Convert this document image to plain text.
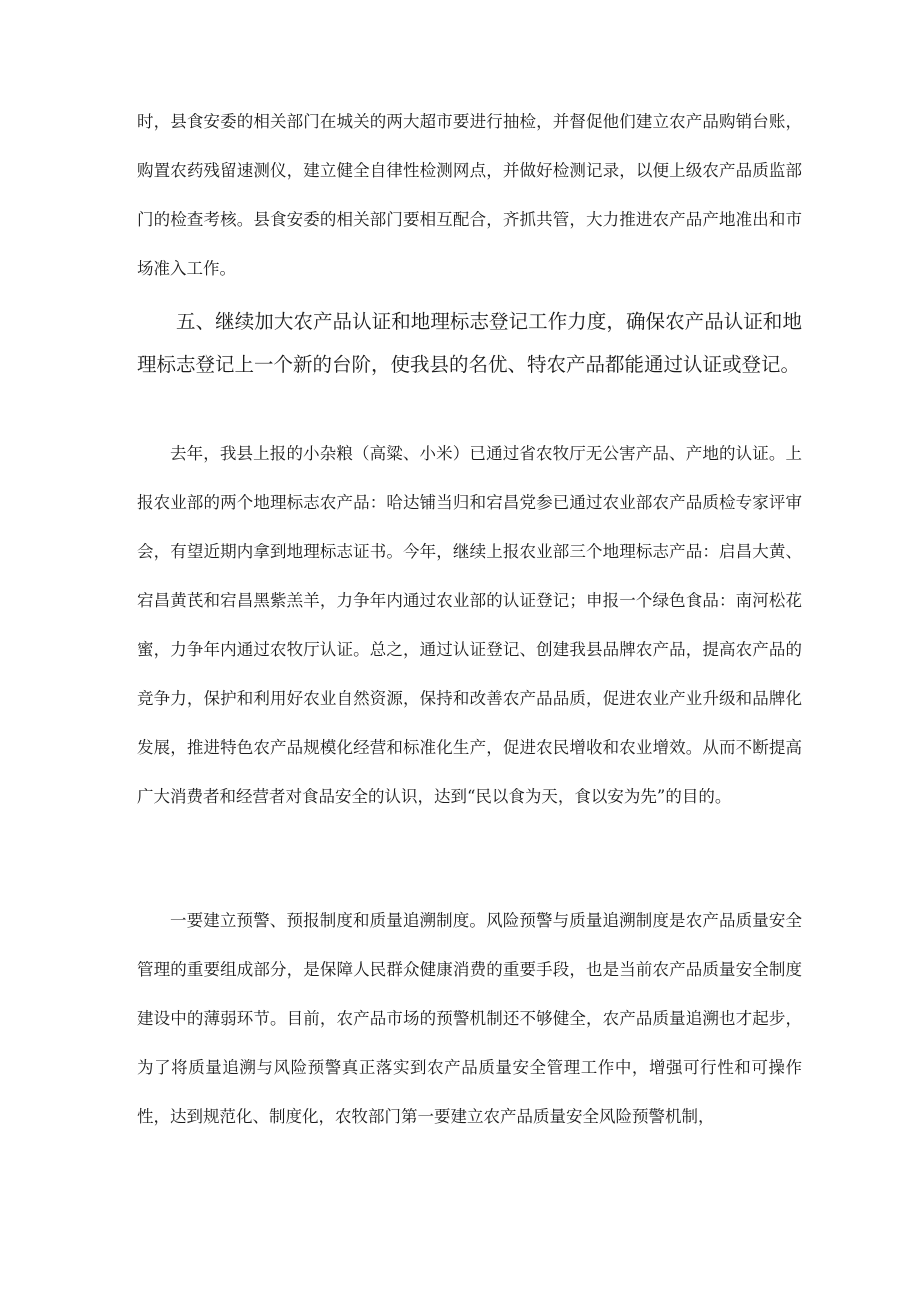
时，县食安委的相关部门在城关的两大超市要进行抽检，并督促他们建立农产品购销台账，购置农药残留速测仪，建立健全自律性检测网点，并做好检测记录，以便上级农产品质监部门的检查考核。县食安委的相关部门要相互配合，齐抓共管，大力推进农产品产地准出和市场准入工作。

五、继续加大农产品认证和地理标志登记工作力度，确保农产品认证和地理标志登记上一个新的台阶，使我县的名优、特农产品都能通过认证或登记。

去年，我县上报的小杂粮（高粱、小米）已通过省农牧厅无公害产品、产地的认证。上报农业部的两个地理标志农产品：哈达铺当归和宕昌党参已通过农业部农产品质检专家评审会，有望近期内拿到地理标志证书。今年，继续上报农业部三个地理标志产品：启昌大黄、宕昌黄芪和宕昌黑紫羔羊，力争年内通过农业部的认证登记；申报一个绿色食品：南河松花蜜，力争年内通过农牧厅认证。总之，通过认证登记、创建我县品牌农产品，提高农产品的竞争力，保护和利用好农业自然资源，保持和改善农产品品质，促进农业产业升级和品牌化发展，推进特色农产品规模化经营和标准化生产，促进农民增收和农业增效。从而不断提高广大消费者和经营者对食品安全的认识，达到“民以食为天，食以安为先”的目的。

一要建立预警、预报制度和质量追溯制度。风险预警与质量追溯制度是农产品质量安全管理的重要组成部分，是保障人民群众健康消费的重要手段，也是当前农产品质量安全制度建设中的薄弱环节。目前，农产品市场的预警机制还不够健全，农产品质量追溯也才起步，为了将质量追溯与风险预警真正落实到农产品质量安全管理工作中，增强可行性和可操作性，达到规范化、制度化，农牧部门第一要建立农产品质量安全风险预警机制，
